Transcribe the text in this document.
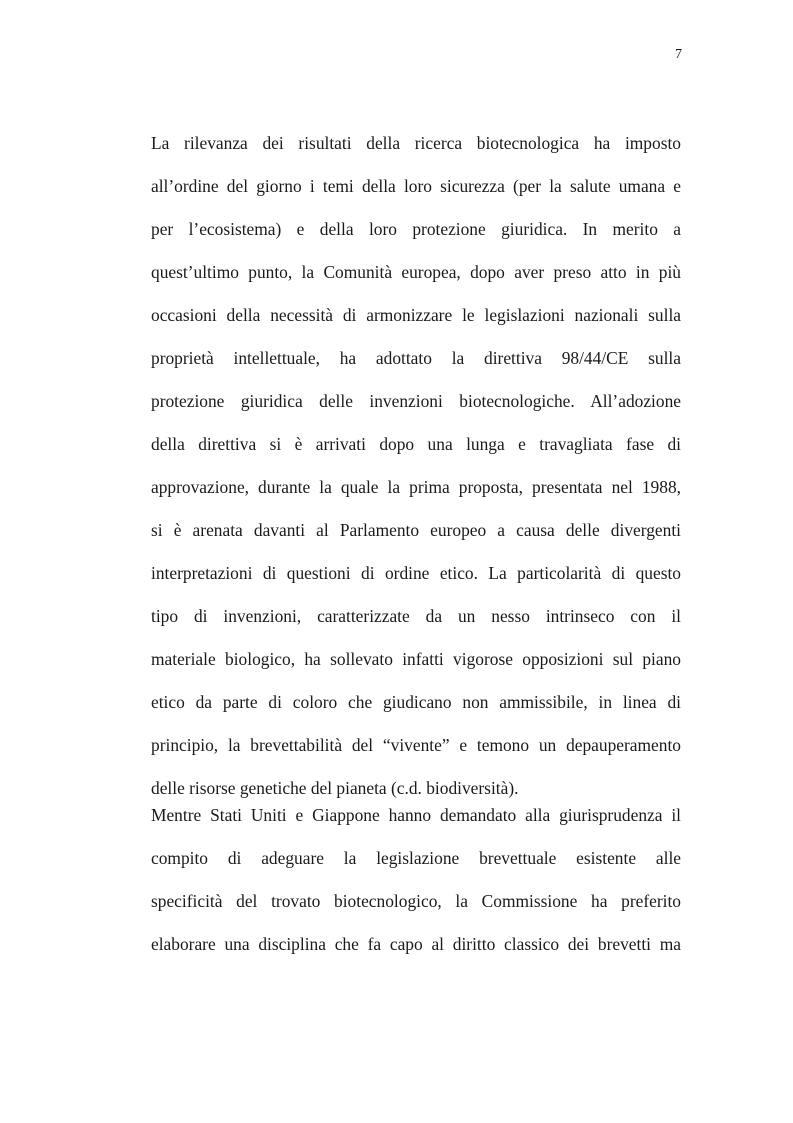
7
La rilevanza dei risultati della ricerca biotecnologica ha imposto
all’ordine del giorno i temi della loro sicurezza (per la salute umana e
per l’ecosistema) e della loro protezione giuridica. In merito a
quest’ultimo punto, la Comunità europea, dopo aver preso atto in più
occasioni della necessità di armonizzare le legislazioni nazionali sulla
proprietà intellettuale, ha adottato la direttiva 98/44/CE sulla
protezione giuridica delle invenzioni biotecnologiche. All’adozione
della direttiva si è arrivati dopo una lunga e travagliata fase di
approvazione, durante la quale la prima proposta, presentata nel 1988,
si è arenata davanti al Parlamento europeo a causa delle divergenti
interpretazioni di questioni di ordine etico. La particolarità di questo
tipo di invenzioni, caratterizzate da un nesso intrinseco con il
materiale biologico, ha sollevato infatti vigorose opposizioni sul piano
etico da parte di coloro che giudicano non ammissibile, in linea di
principio, la brevettabilità del “vivente” e temono un depauperamento
delle risorse genetiche del pianeta (c.d. biodiversità).
Mentre Stati Uniti e Giappone hanno demandato alla giurisprudenza il
compito di adeguare la legislazione brevettuale esistente alle
specificità del trovato biotecnologico, la Commissione ha preferito
elaborare una disciplina che fa capo al diritto classico dei brevetti ma
